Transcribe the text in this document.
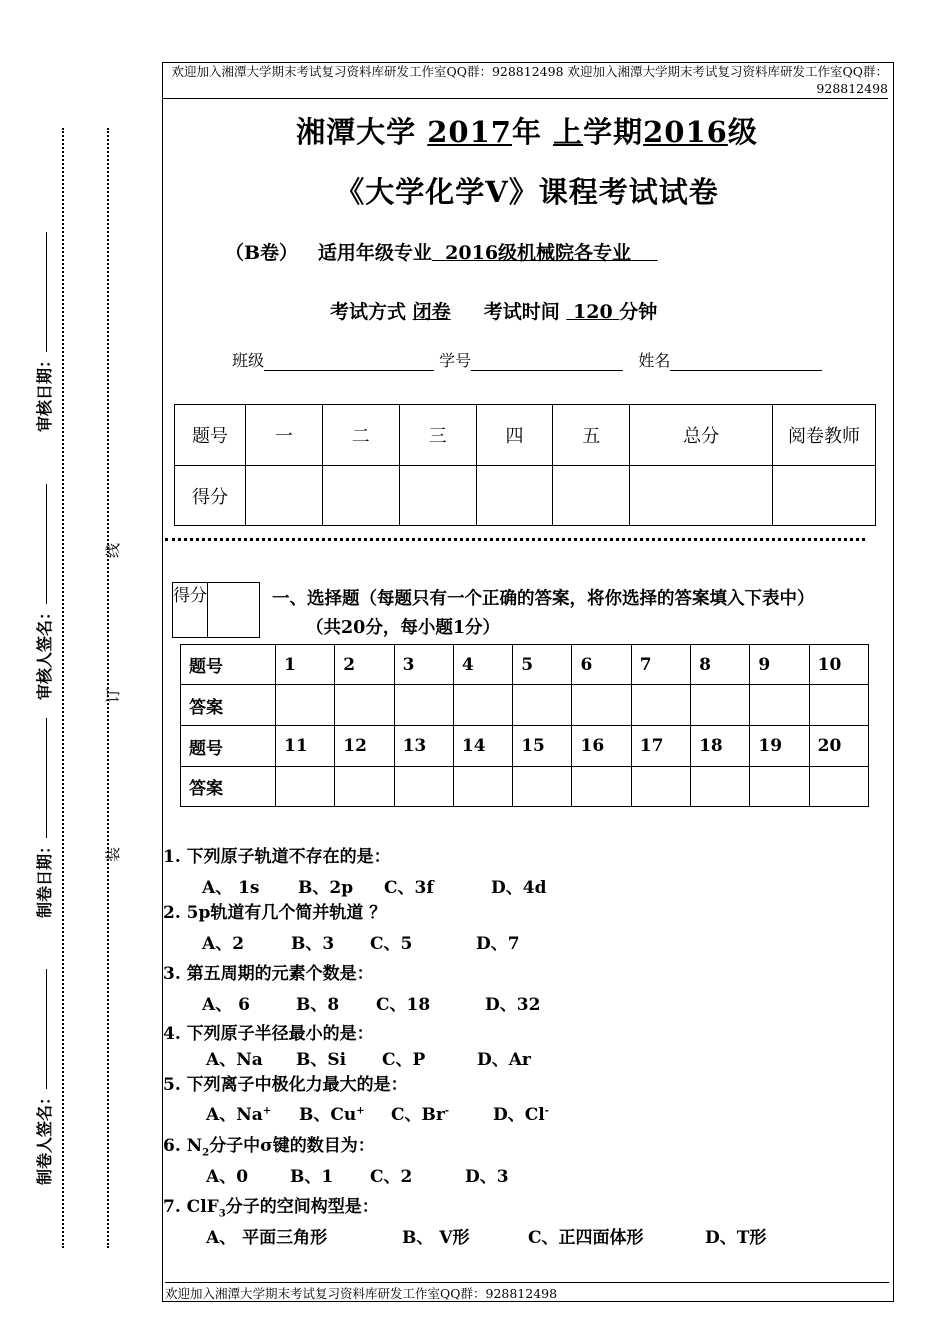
欢迎加入湘潭大学期末考试复习资料库研发工作室QQ群：928812498 欢迎加入湘潭大学期末考试复习资料库研发工作室QQ群：928812498
湘潭大学 2017年 上学期2016级
《大学化学Ⅴ》课程考试试卷
（B卷） 适用年级专业 2016级机械院各专业
考试方式 闭卷 考试时间 120 分钟
班级	学号	姓名
题号	一	二	三	四	五	总分	阅卷教师
得分							
得分	一、选择题（每题只有一个正确的答案，将你选择的答案填入下表中）
（共20分，每小题1分）
题号	1	2	3	4	5	6	7	8	9	10
答案										
题号	11	12	13	14	15	16	17	18	19	20
答案										
1. 下列原子轨道不存在的是：
A、 1s B、2p C、3f	D、4d
2. 5p轨道有几个简并轨道 ？
A、2	B、3 C、5	D、7
3. 第五周期的元素个数是：
A、 6	B、8 C、18	D、32
4. 下列原子半径最小的是：
A、Na B、Si C、P	D、Ar
5. 下列离子中极化力最大的是：
A、Na+ B、Cu+ C、Br-	D、Cl-
6. $N_2$分子中σ键的数目为：
A、0 B、1 C、2	D、3
7. ClF$_3$分子的空间构型是：
A、 平面三角形	B、 V形	C、正四面体形	D、T形
欢迎加入湘潭大学期末考试复习资料库研发工作室QQ群：928812498
审核日期：
审核人签名：
制卷日期：
制卷人签名：
线
订
装
